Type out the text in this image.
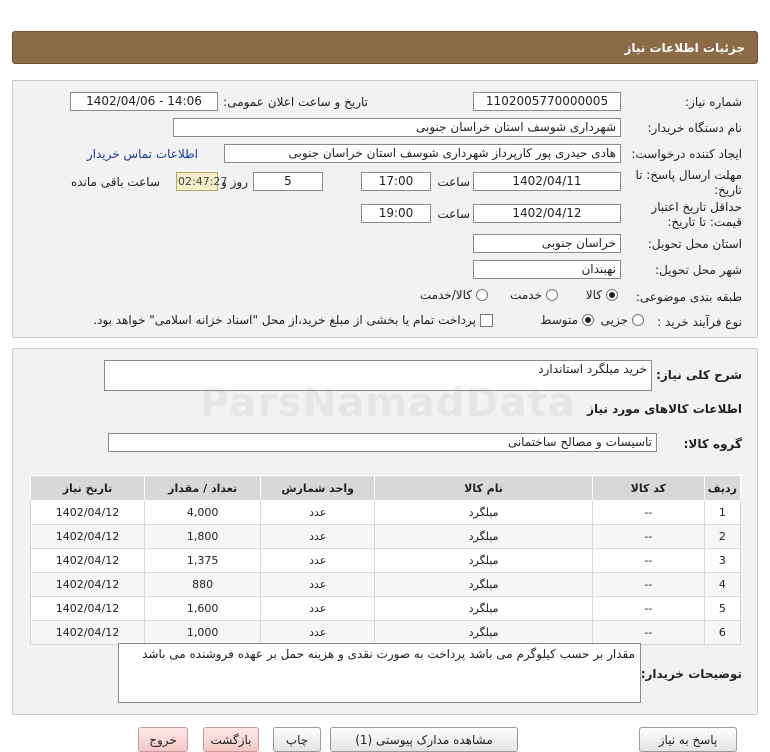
جزئیات اطلاعات نیاز
شماره نیاز:
1102005770000005
تاریخ و ساعت اعلان عمومی:
1402/04/06 - 14:06
نام دستگاه خریدار:
شهرداری شوسف استان خراسان جنوبی
ایجاد کننده درخواست:
هادی حیدری پور کارپرداز شهرداری شوسف استان خراسان جنوبی
اطلاعات تماس خریدار
مهلت ارسال پاسخ: تا تاریخ:
1402/04/11
ساعت
17:00
5
روز و
02:47:27
ساعت باقی مانده
حداقل تاریخ اعتبار قیمت: تا تاریخ:
1402/04/12
ساعت
19:00
استان محل تحویل:
خراسان جنوبی
شهر محل تحویل:
نهبندان
طبقه بندی موضوعی:
کالا
خدمت
کالا/خدمت
نوع فرآیند خرید :
جزیی
متوسط
پرداخت تمام یا بخشی از مبلغ خرید،از محل "اسناد خزانه اسلامی" خواهد بود.
شرح کلی نیاز:
خرید میلگرد استاندارد
اطلاعات کالاهای مورد نیاز
گروه کالا:
تاسیسات و مصالح ساختمانی
ردیف	کد کالا	نام کالا	واحد شمارش	تعداد / مقدار	تاریخ نیاز
1	--	میلگرد	عدد	4,000	1402/04/12
2	--	میلگرد	عدد	1,800	1402/04/12
3	--	میلگرد	عدد	1,375	1402/04/12
4	--	میلگرد	عدد	880	1402/04/12
5	--	میلگرد	عدد	1,600	1402/04/12
6	--	میلگرد	عدد	1,000	1402/04/12
توضیحات خریدار:
مقدار بر حسب کیلوگرم می باشد پرداخت به صورت نقدی و هزینه حمل بر عهده فروشنده می باشد
پاسخ به نیاز
مشاهده مدارک پیوستی (1)
چاپ
بازگشت
خروج
